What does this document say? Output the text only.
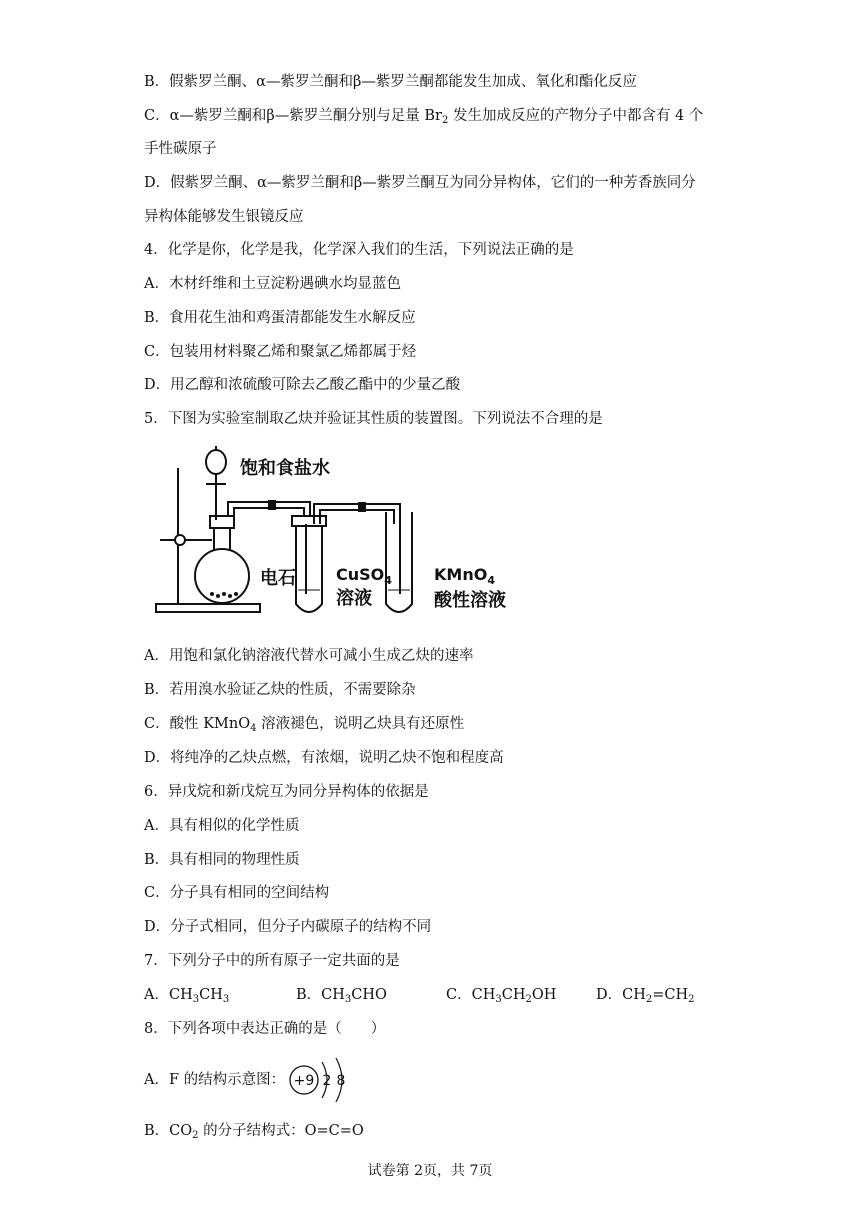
B．假紫罗兰酮、α—紫罗兰酮和β—紫罗兰酮都能发生加成、氧化和酯化反应
C．α—紫罗兰酮和β—紫罗兰酮分别与足量 $Br_2$ 发生加成反应的产物分子中都含有 4 个
手性碳原子
D．假紫罗兰酮、α—紫罗兰酮和β—紫罗兰酮互为同分异构体，它们的一种芳香族同分
异构体能够发生银镜反应
4．化学是你，化学是我，化学深入我们的生活，下列说法正确的是
A．木材纤维和土豆淀粉遇碘水均显蓝色
B．食用花生油和鸡蛋清都能发生水解反应
C．包装用材料聚乙烯和聚氯乙烯都属于烃
D．用乙醇和浓硫酸可除去乙酸乙酯中的少量乙酸
5．下图为实验室制取乙炔并验证其性质的装置图。下列说法不合理的是
饱和食盐水
电石	CuSO$_4$
溶液
KMnO$_4$
酸性溶液
A．用饱和氯化钠溶液代替水可减小生成乙炔的速率
B．若用溴水验证乙炔的性质，不需要除杂
C．酸性 KMnO$_4$ 溶液褪色，说明乙炔具有还原性
D．将纯净的乙炔点燃，有浓烟，说明乙炔不饱和程度高
6．异戊烷和新戊烷互为同分异构体的依据是
A．具有相似的化学性质
B．具有相同的物理性质
C．分子具有相同的空间结构
D．分子式相同，但分子内碳原子的结构不同
7．下列分子中的所有原子一定共面的是
A．$CH_3CH_3$	B．$CH_3CHO$	C．$CH_3CH_2OH$	D．$CH_2=CH_2$
8．下列各项中表达正确的是（　　）
A．F 的结构示意图： +9 2 8
B．$CO_2$ 的分子结构式：O=C=O
试卷第 2页，共 7页
